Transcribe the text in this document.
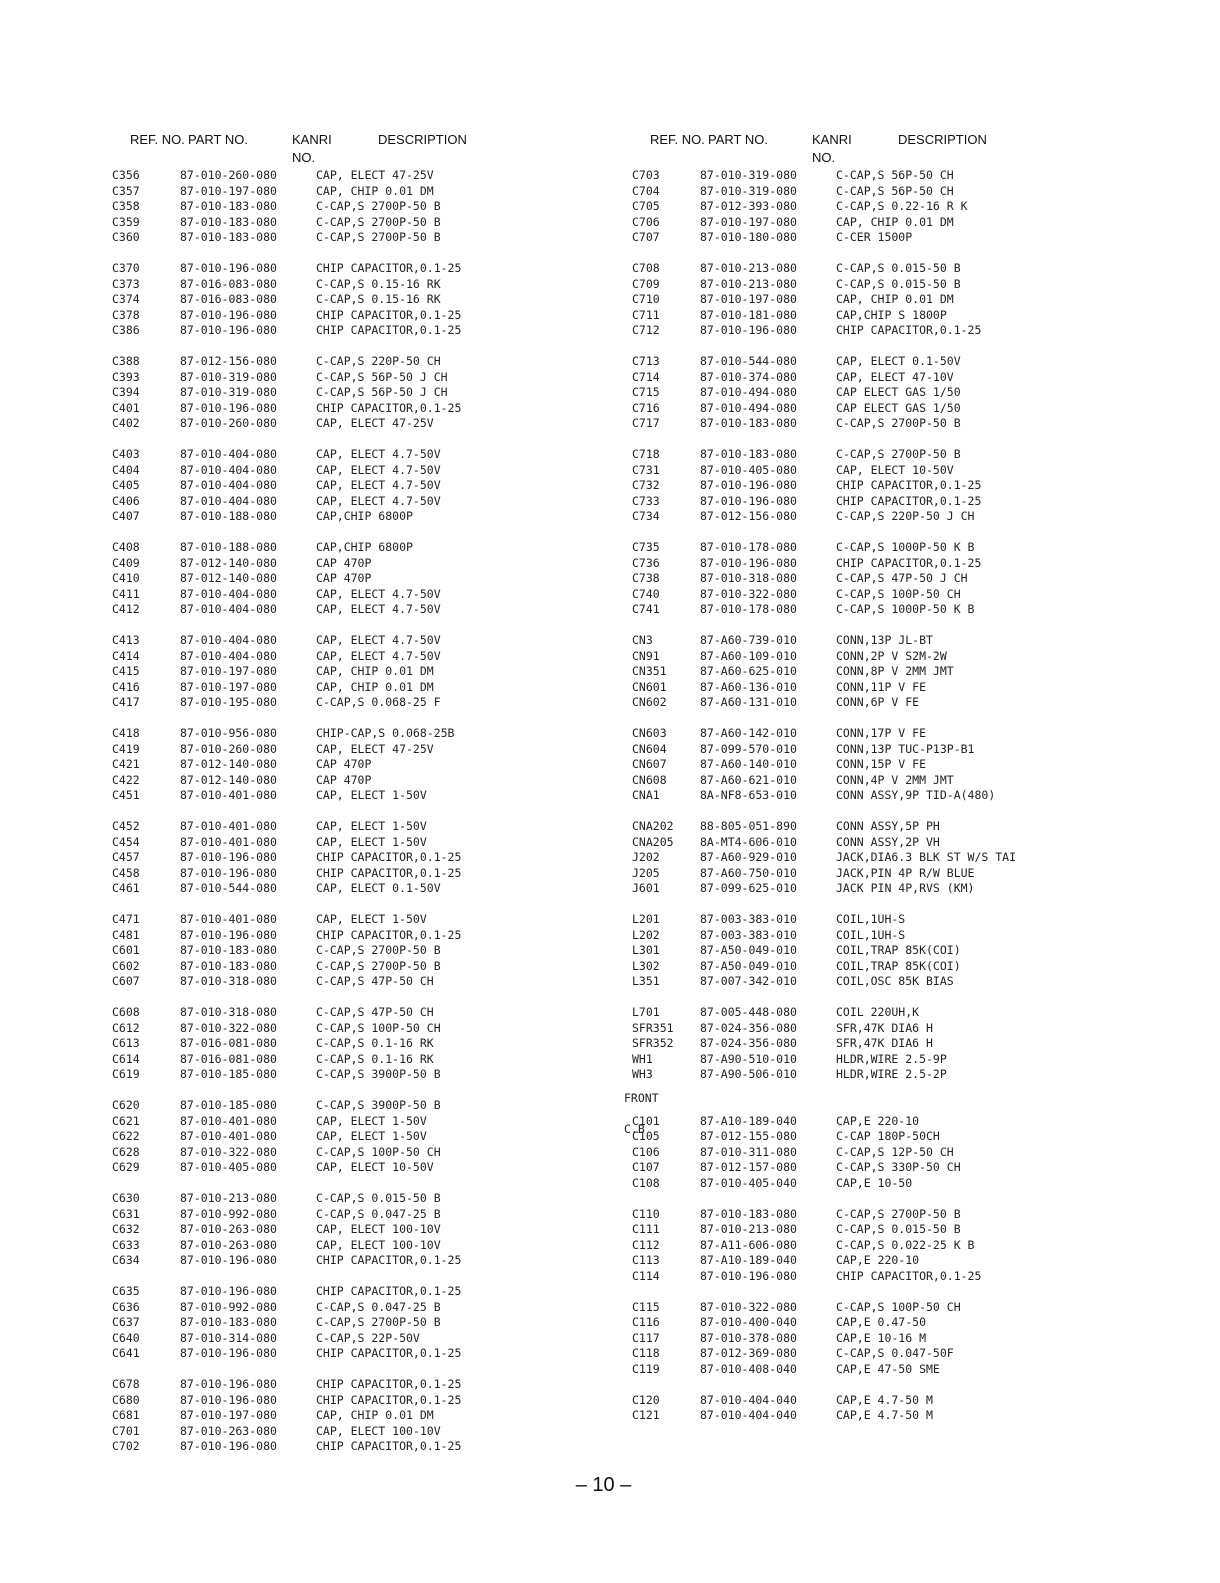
REF. NO. PART NO.	KANRI
NO.
DESCRIPTION
C356	87-010-260-080	CAP, ELECT 47-25V
C357	87-010-197-080	CAP, CHIP 0.01 DM
C358	87-010-183-080	C-CAP,S 2700P-50 B
C359	87-010-183-080	C-CAP,S 2700P-50 B
C360	87-010-183-080	C-CAP,S 2700P-50 B
C370	87-010-196-080	CHIP CAPACITOR,0.1-25
C373	87-016-083-080	C-CAP,S 0.15-16 RK
C374	87-016-083-080	C-CAP,S 0.15-16 RK
C378	87-010-196-080	CHIP CAPACITOR,0.1-25
C386	87-010-196-080	CHIP CAPACITOR,0.1-25
C388	87-012-156-080	C-CAP,S 220P-50 CH
C393	87-010-319-080	C-CAP,S 56P-50 J CH
C394	87-010-319-080	C-CAP,S 56P-50 J CH
C401	87-010-196-080	CHIP CAPACITOR,0.1-25
C402	87-010-260-080	CAP, ELECT 47-25V
C403	87-010-404-080	CAP, ELECT 4.7-50V
C404	87-010-404-080	CAP, ELECT 4.7-50V
C405	87-010-404-080	CAP, ELECT 4.7-50V
C406	87-010-404-080	CAP, ELECT 4.7-50V
C407	87-010-188-080	CAP,CHIP 6800P
C408	87-010-188-080	CAP,CHIP 6800P
C409	87-012-140-080	CAP 470P
C410	87-012-140-080	CAP 470P
C411	87-010-404-080	CAP, ELECT 4.7-50V
C412	87-010-404-080	CAP, ELECT 4.7-50V
C413	87-010-404-080	CAP, ELECT 4.7-50V
C414	87-010-404-080	CAP, ELECT 4.7-50V
C415	87-010-197-080	CAP, CHIP 0.01 DM
C416	87-010-197-080	CAP, CHIP 0.01 DM
C417	87-010-195-080	C-CAP,S 0.068-25 F
C418	87-010-956-080	CHIP-CAP,S 0.068-25B
C419	87-010-260-080	CAP, ELECT 47-25V
C421	87-012-140-080	CAP 470P
C422	87-012-140-080	CAP 470P
C451	87-010-401-080	CAP, ELECT 1-50V
C452	87-010-401-080	CAP, ELECT 1-50V
C454	87-010-401-080	CAP, ELECT 1-50V
C457	87-010-196-080	CHIP CAPACITOR,0.1-25
C458	87-010-196-080	CHIP CAPACITOR,0.1-25
C461	87-010-544-080	CAP, ELECT 0.1-50V
C471	87-010-401-080	CAP, ELECT 1-50V
C481	87-010-196-080	CHIP CAPACITOR,0.1-25
C601	87-010-183-080	C-CAP,S 2700P-50 B
C602	87-010-183-080	C-CAP,S 2700P-50 B
C607	87-010-318-080	C-CAP,S 47P-50 CH
C608	87-010-318-080	C-CAP,S 47P-50 CH
C612	87-010-322-080	C-CAP,S 100P-50 CH
C613	87-016-081-080	C-CAP,S 0.1-16 RK
C614	87-016-081-080	C-CAP,S 0.1-16 RK
C619	87-010-185-080	C-CAP,S 3900P-50 B
C620	87-010-185-080	C-CAP,S 3900P-50 B
C621	87-010-401-080	CAP, ELECT 1-50V
C622	87-010-401-080	CAP, ELECT 1-50V
C628	87-010-322-080	C-CAP,S 100P-50 CH
C629	87-010-405-080	CAP, ELECT 10-50V
C630	87-010-213-080	C-CAP,S 0.015-50 B
C631	87-010-992-080	C-CAP,S 0.047-25 B
C632	87-010-263-080	CAP, ELECT 100-10V
C633	87-010-263-080	CAP, ELECT 100-10V
C634	87-010-196-080	CHIP CAPACITOR,0.1-25
C635	87-010-196-080	CHIP CAPACITOR,0.1-25
C636	87-010-992-080	C-CAP,S 0.047-25 B
C637	87-010-183-080	C-CAP,S 2700P-50 B
C640	87-010-314-080	C-CAP,S 22P-50V
C641	87-010-196-080	CHIP CAPACITOR,0.1-25
C678	87-010-196-080	CHIP CAPACITOR,0.1-25
C680	87-010-196-080	CHIP CAPACITOR,0.1-25
C681	87-010-197-080	CAP, CHIP 0.01 DM
C701	87-010-263-080	CAP, ELECT 100-10V
C702	87-010-196-080	CHIP CAPACITOR,0.1-25
REF. NO. PART NO.	KANRI
NO.
DESCRIPTION
C703	87-010-319-080	C-CAP,S 56P-50 CH
C704	87-010-319-080	C-CAP,S 56P-50 CH
C705	87-012-393-080	C-CAP,S 0.22-16 R K
C706	87-010-197-080	CAP, CHIP 0.01 DM
C707	87-010-180-080	C-CER 1500P
C708	87-010-213-080	C-CAP,S 0.015-50 B
C709	87-010-213-080	C-CAP,S 0.015-50 B
C710	87-010-197-080	CAP, CHIP 0.01 DM
C711	87-010-181-080	CAP,CHIP S 1800P
C712	87-010-196-080	CHIP CAPACITOR,0.1-25
C713	87-010-544-080	CAP, ELECT 0.1-50V
C714	87-010-374-080	CAP, ELECT 47-10V
C715	87-010-494-080	CAP ELECT GAS 1/50
C716	87-010-494-080	CAP ELECT GAS 1/50
C717	87-010-183-080	C-CAP,S 2700P-50 B
C718	87-010-183-080	C-CAP,S 2700P-50 B
C731	87-010-405-080	CAP, ELECT 10-50V
C732	87-010-196-080	CHIP CAPACITOR,0.1-25
C733	87-010-196-080	CHIP CAPACITOR,0.1-25
C734	87-012-156-080	C-CAP,S 220P-50 J CH
C735	87-010-178-080	C-CAP,S 1000P-50 K B
C736	87-010-196-080	CHIP CAPACITOR,0.1-25
C738	87-010-318-080	C-CAP,S 47P-50 J CH
C740	87-010-322-080	C-CAP,S 100P-50 CH
C741	87-010-178-080	C-CAP,S 1000P-50 K B
CN3	87-A60-739-010	CONN,13P JL-BT
CN91	87-A60-109-010	CONN,2P V S2M-2W
CN351	87-A60-625-010	CONN,8P V 2MM JMT
CN601	87-A60-136-010	CONN,11P V FE
CN602	87-A60-131-010	CONN,6P V FE
CN603	87-A60-142-010	CONN,17P V FE
CN604	87-099-570-010	CONN,13P TUC-P13P-B1
CN607	87-A60-140-010	CONN,15P V FE
CN608	87-A60-621-010	CONN,4P V 2MM JMT
CNA1	8A-NF8-653-010	CONN ASSY,9P TID-A(480)
CNA202 88-805-051-890	CONN ASSY,5P PH
CNA205 8A-MT4-606-010	CONN ASSY,2P VH
J202	87-A60-929-010	JACK,DIA6.3 BLK ST W/S TAI
J205	87-A60-750-010	JACK,PIN 4P R/W BLUE
J601	87-099-625-010	JACK PIN 4P,RVS (KM)
L201	87-003-383-010	COIL,1UH-S
L202	87-003-383-010	COIL,1UH-S
L301	87-A50-049-010	COIL,TRAP 85K(COI)
L302	87-A50-049-010	COIL,TRAP 85K(COI)
L351	87-007-342-010	COIL,OSC 85K BIAS
L701	87-005-448-080	COIL 220UH,K
SFR351 87-024-356-080	SFR,47K DIA6 H
SFR352 87-024-356-080	SFR,47K DIA6 H
WH1	87-A90-510-010	HLDR,WIRE 2.5-9P
WH3	87-A90-506-010	HLDR,WIRE 2.5-2P
FRONT C.B
C101	87-A10-189-040	CAP,E 220-10
C105	87-012-155-080	C-CAP 180P-50CH
C106	87-010-311-080	C-CAP,S 12P-50 CH
C107	87-012-157-080	C-CAP,S 330P-50 CH
C108	87-010-405-040	CAP,E 10-50
C110	87-010-183-080	C-CAP,S 2700P-50 B
C111	87-010-213-080	C-CAP,S 0.015-50 B
C112	87-A11-606-080	C-CAP,S 0.022-25 K B
C113	87-A10-189-040	CAP,E 220-10
C114	87-010-196-080	CHIP CAPACITOR,0.1-25
C115	87-010-322-080	C-CAP,S 100P-50 CH
C116	87-010-400-040	CAP,E 0.47-50
C117	87-010-378-080	CAP,E 10-16 M
C118	87-012-369-080	C-CAP,S 0.047-50F
C119	87-010-408-040	CAP,E 47-50 SME
C120	87-010-404-040	CAP,E 4.7-50 M
C121	87-010-404-040	CAP,E 4.7-50 M
– 10 –
